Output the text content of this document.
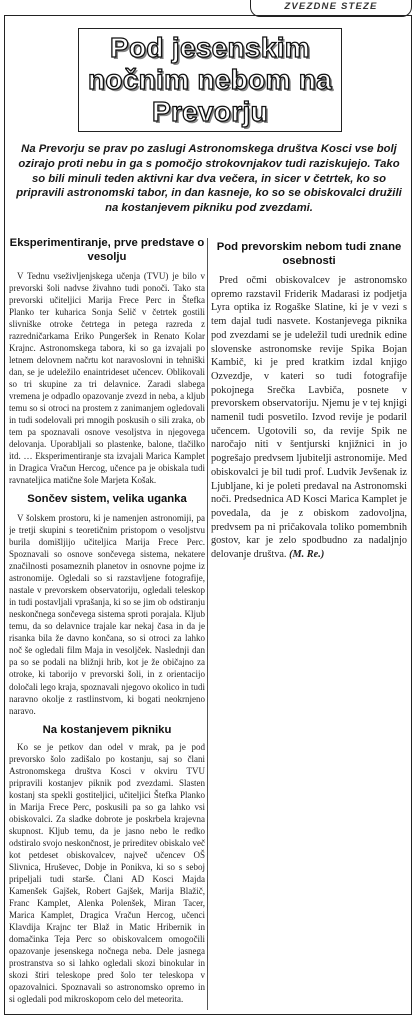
ZVEZDNE STEZE
Pod jesenskim
nočnim nebom na
Prevorju

Na Prevorju se prav po zaslugi Astronomskega društva Kosci vse bolj ozirajo proti nebu in ga s pomočjo strokovnjakov tudi raziskujejo. Tako so bili minuli teden aktivni kar dva večera, in sicer v četrtek, ko so pripravili astronomski tabor, in dan kasneje, ko so se obiskovalci družili na kostanjevem pikniku pod zvezdami.

Eksperimentiranje, prve predstave o vesolju

V Tednu vseživljenjskega učenja (TVU) je bilo v prevorski šoli nadvse živahno tudi ponoči. Tako sta prevorski učiteljici Marija Frece Perc in Štefka Planko ter kuharica Sonja Selič v četrtek gostili slivniške otroke četrtega in petega razreda z razredničarkama Eriko Pungeršek in Renato Kolar Krajnc. Astronomskega tabora, ki so ga izvajali po letnem delovnem načrtu kot naravoslovni in tehniški dan, se je udeležilo enaintrideset učencev. Oblikovali so tri skupine za tri delavnice. Zaradi slabega vremena je odpadlo opazovanje zvezd in neba, a kljub temu so si otroci na prostem z zanimanjem ogledovali in tudi sodelovali pri mnogih poskusih o sili zraka, ob tem pa spoznavali osnove vesoljstva in njegovega delovanja. Uporabljali so plastenke, balone, tlačilko itd. … Eksperimentiranje sta izvajali Marica Kamplet in Dragica Vračun Hercog, učence pa je obiskala tudi ravnateljica matične šole Marjeta Košak.

Sončev sistem, velika uganka

V šolskem prostoru, ki je namenjen astronomiji, pa je tretji skupini s teoretičnim pristopom o vesoljstvu burila domišljijo učiteljica Marija Frece Perc. Spoznavali so osnove sončevega sistema, nekatere značilnosti posameznih planetov in osnovne pojme iz astronomije. Ogledali so si razstavljene fotografije, nastale v prevorskem observatoriju, ogledali teleskop in tudi postavljali vprašanja, ki so se jim ob odstiranju neskončnega sončevega sistema sproti porajala. Kljub temu, da so delavnice trajale kar nekaj časa in da je risanka bila že davno končana, so si otroci za lahko noč še ogledali film Maja in vesoljček. Naslednji dan pa so se podali na bližnji hrib, kot je že običajno za otroke, ki taborijo v prevorski šoli, in z orientacijo določali lego kraja, spoznavali njegovo okolico in tudi naravno okolje z rastlinstvom, ki bogati neokrnjeno naravo.

Na kostanjevem pikniku

Ko se je petkov dan odel v mrak, pa je pod prevorsko šolo zadišalo po kostanju, saj so člani Astronomskega društva Kosci v okviru TVU pripravili kostanjev piknik pod zvezdami. Slasten kostanj sta spekli gostiteljici, učiteljici Štefka Planko in Marija Frece Perc, poskusili pa so ga lahko vsi obiskovalci. Za sladke dobrote je poskrbela krajevna skupnost. Kljub temu, da je jasno nebo le redko odstiralo svojo neskončnost, je prireditev obiskalo več kot petdeset obiskovalcev, največ učencev OŠ Slivnica, Hruševec, Dobje in Ponikva, ki so s seboj pripeljali tudi starše. Člani AD Kosci Majda Kamenšek Gajšek, Robert Gajšek, Marija Blažič, Franc Kamplet, Alenka Polenšek, Miran Tacer, Marica Kamplet, Dragica Vračun Hercog, učenci Klavdija Krajnc ter Blaž in Matic Hribernik in domačinka Teja Perc so obiskovalcem omogočili opazovanje jesenskega nočnega neba. Dele jasnega prostranstva so si lahko ogledali skozi binokular in skozi štiri teleskope pred šolo ter teleskopa v opazovalnici. Spoznavali so astronomsko opremo in si ogledali pod mikroskopom celo del meteorita.

Pod prevorskim nebom tudi znane osebnosti

Pred očmi obiskovalcev je astronomsko opremo razstavil Friderik Madarasi iz podjetja Lyra optika iz Rogaške Slatine, ki je v vezi s tem dajal tudi nasvete. Kostanjevega piknika pod zvezdami se je udeležil tudi urednik edine slovenske astronomske revije Spika Bojan Kambič, ki je pred kratkim izdal knjigo Ozvezdje, v kateri so tudi fotografije pokojnega Srečka Lavbiča, posnete v prevorskem observatoriju. Njemu je v tej knjigi namenil tudi posvetilo. Izvod revije je podaril učencem. Ugotovili so, da revije Spik ne naročajo niti v šentjurski knjižnici in jo pogrešajo predvsem ljubitelji astronomije. Med obiskovalci je bil tudi prof. Ludvik Jevšenak iz Ljubljane, ki je poleti predaval na Astronomski noči. Predsednica AD Kosci Marica Kamplet je povedala, da je z obiskom zadovoljna, predvsem pa ni pričakovala toliko pomembnih gostov, kar je zelo spodbudno za nadaljnjo delovanje društva. (M. Re.)
